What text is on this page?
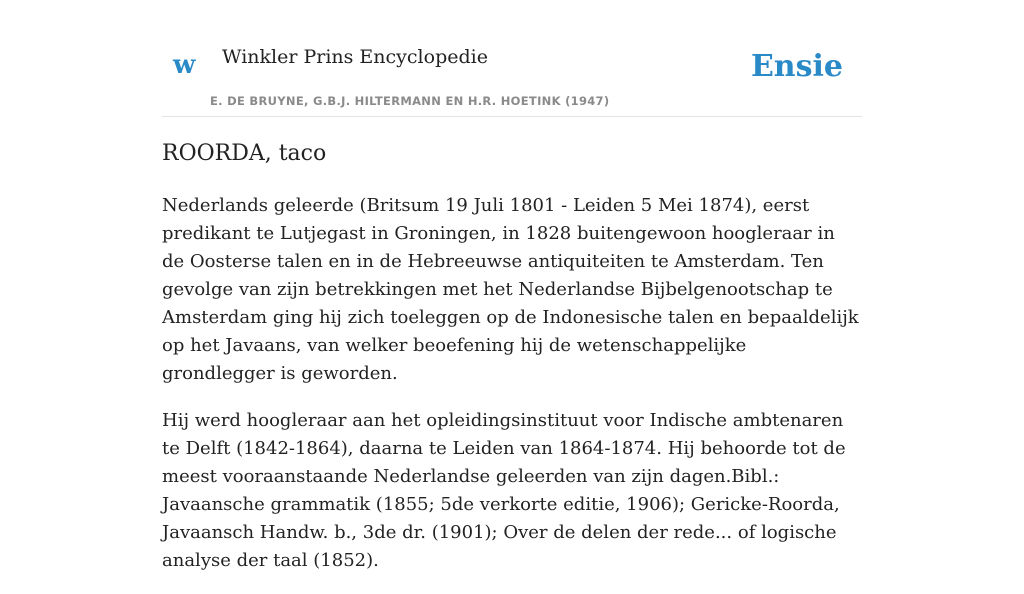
w Winkler Prins Encyclopedie
E. DE BRUYNE, G.B.J. HILTERMANN EN H.R. HOETINK (1947)
Ensie
ROORDA, taco

Nederlands geleerde (Britsum 19 Juli 1801 - Leiden 5 Mei 1874), eerst predikant te Lutjegast in Groningen, in 1828 buitengewoon hoogleraar in de Oosterse talen en in de Hebreeuwse antiquiteiten te Amsterdam. Ten gevolge van zijn betrekkingen met het Nederlandse Bijbelgenootschap te Amsterdam ging hij zich toeleggen op de Indonesische talen en bepaaldelijk op het Javaans, van welker beoefening hij de wetenschappelijke grondlegger is geworden.

Hij werd hoogleraar aan het opleidingsinstituut voor Indische ambtenaren te Delft (1842-1864), daarna te Leiden van 1864-1874. Hij behoorde tot de meest vooraanstaande Nederlandse geleerden van zijn dagen.Bibl.: Javaansche grammatik (1855; 5de verkorte editie, 1906); Gericke-Roorda, Javaansch Handw. b., 3de dr. (1901); Over de delen der rede... of logische analyse der taal (1852).
